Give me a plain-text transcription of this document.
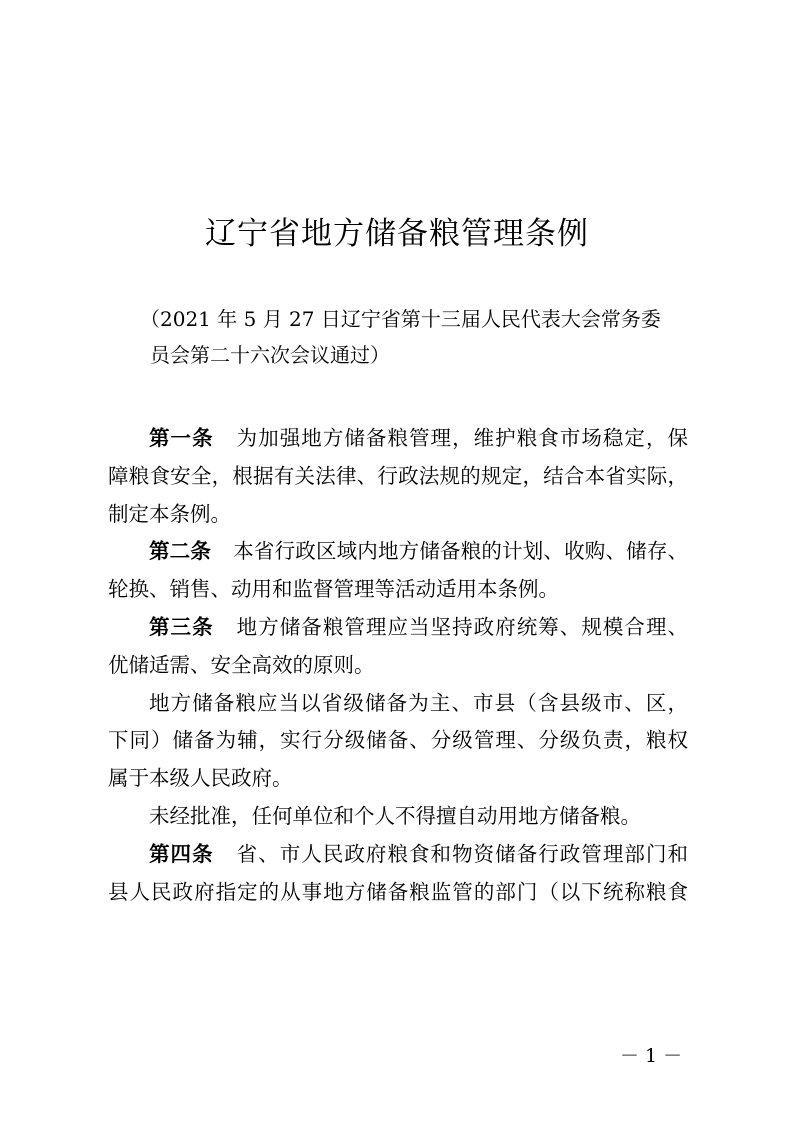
辽宁省地方储备粮管理条例
（2021 年 5 月 27 日辽宁省第十三届人民代表大会常务委
员会第二十六次会议通过）
第一条 为加强地方储备粮管理，维护粮食市场稳定，保
障粮食安全，根据有关法律、行政法规的规定，结合本省实际，
制定本条例。
第二条 本省行政区域内地方储备粮的计划、收购、储存、
轮换、销售、动用和监督管理等活动适用本条例。
第三条 地方储备粮管理应当坚持政府统筹、规模合理、
优储适需、安全高效的原则。
地方储备粮应当以省级储备为主、市县（含县级市、区，
下同）储备为辅，实行分级储备、分级管理、分级负责，粮权
属于本级人民政府。
未经批准，任何单位和个人不得擅自动用地方储备粮。
第四条 省、市人民政府粮食和物资储备行政管理部门和
县人民政府指定的从事地方储备粮监管的部门（以下统称粮食
－ 1 －
